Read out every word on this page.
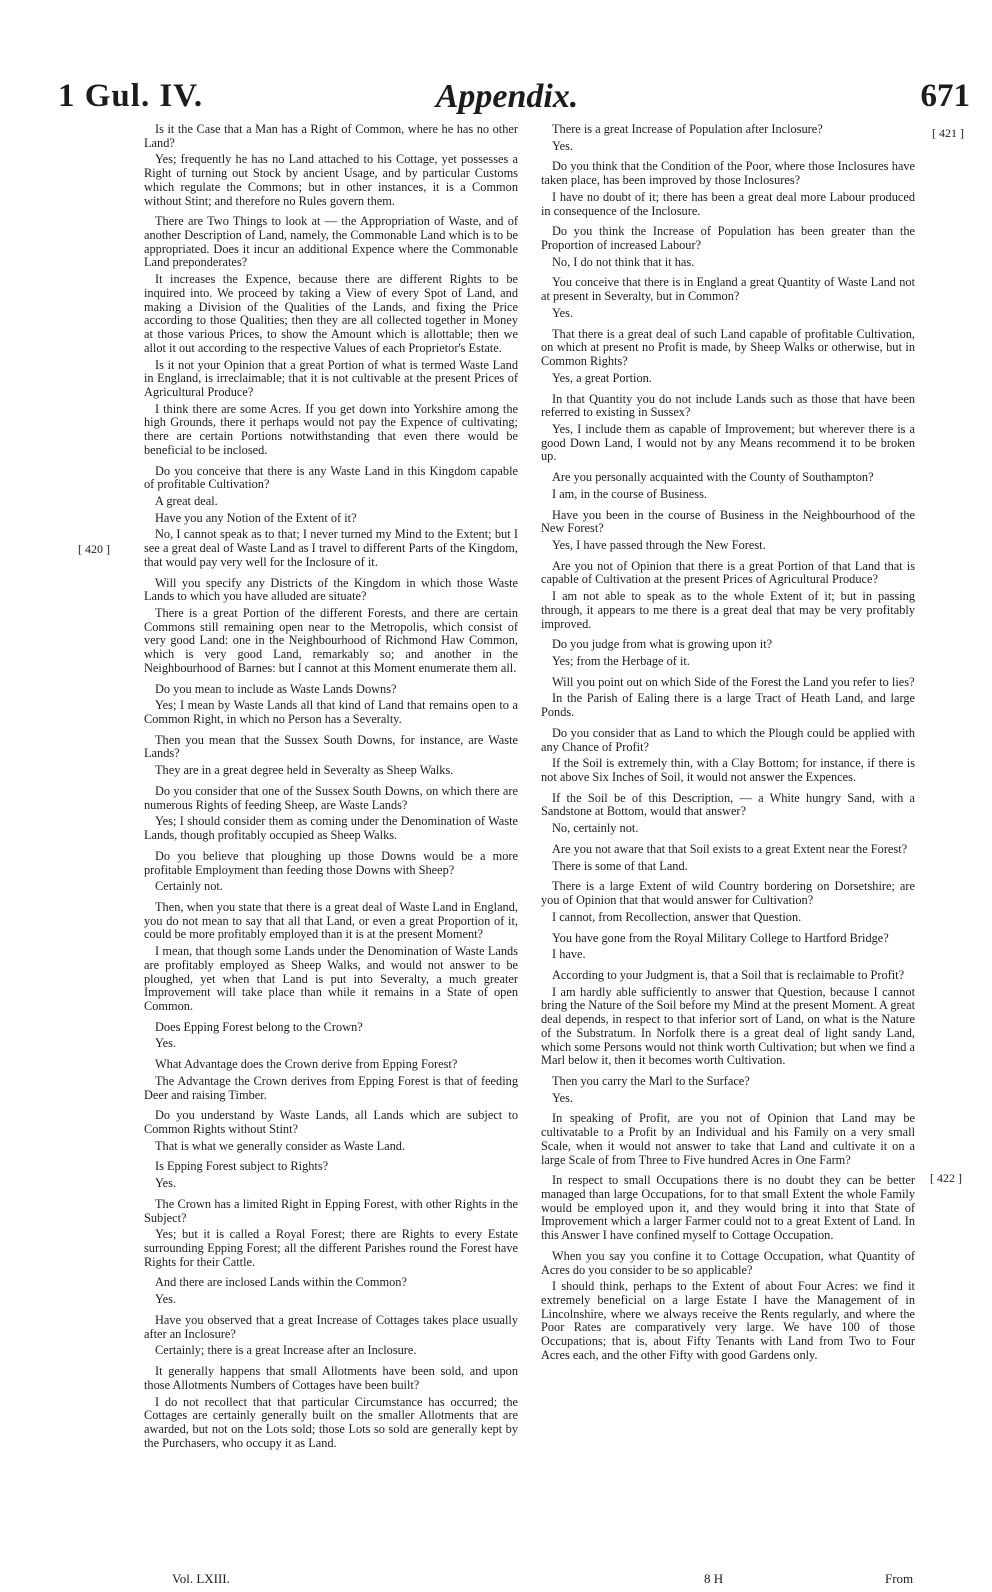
1 Gul. IV.	Appendix.	671
[ 421 ]
[ 420 ]
[ 422 ]

Is it the Case that a Man has a Right of Common, where he has no other Land?

Yes; frequently he has no Land attached to his Cottage, yet possesses a Right of turning out Stock by ancient Usage, and by particular Customs which regulate the Commons; but in other instances, it is a Common without Stint; and therefore no Rules govern them.

There are Two Things to look at — the Appropriation of Waste, and of another Description of Land, namely, the Commonable Land which is to be appropriated. Does it incur an additional Expence where the Commonable Land preponderates?

It increases the Expence, because there are different Rights to be inquired into. We proceed by taking a View of every Spot of Land, and making a Division of the Qualities of the Lands, and fixing the Price according to those Qualities; then they are all collected together in Money at those various Prices, to show the Amount which is allottable; then we allot it out according to the respective Values of each Proprietor's Estate.

Is it not your Opinion that a great Portion of what is termed Waste Land in England, is irreclaimable; that it is not cultivable at the present Prices of Agricultural Produce?

I think there are some Acres. If you get down into Yorkshire among the high Grounds, there it perhaps would not pay the Expence of cultivating; there are certain Portions notwithstanding that even there would be beneficial to be inclosed.

Do you conceive that there is any Waste Land in this Kingdom capable of profitable Cultivation?

A great deal.

Have you any Notion of the Extent of it?

No, I cannot speak as to that; I never turned my Mind to the Extent; but I see a great deal of Waste Land as I travel to different Parts of the Kingdom, that would pay very well for the Inclosure of it.

Will you specify any Districts of the Kingdom in which those Waste Lands to which you have alluded are situate?

There is a great Portion of the different Forests, and there are certain Commons still remaining open near to the Metropolis, which consist of very good Land: one in the Neighbourhood of Richmond Haw Common, which is very good Land, remarkably so; and another in the Neighbourhood of Barnes: but I cannot at this Moment enumerate them all.

Do you mean to include as Waste Lands Downs?

Yes; I mean by Waste Lands all that kind of Land that remains open to a Common Right, in which no Person has a Severalty.

Then you mean that the Sussex South Downs, for instance, are Waste Lands?

They are in a great degree held in Severalty as Sheep Walks.

Do you consider that one of the Sussex South Downs, on which there are numerous Rights of feeding Sheep, are Waste Lands?

Yes; I should consider them as coming under the Denomination of Waste Lands, though profitably occupied as Sheep Walks.

Do you believe that ploughing up those Downs would be a more profitable Employment than feeding those Downs with Sheep?

Certainly not.

Then, when you state that there is a great deal of Waste Land in England, you do not mean to say that all that Land, or even a great Proportion of it, could be more profitably employed than it is at the present Moment?

I mean, that though some Lands under the Denomination of Waste Lands are profitably employed as Sheep Walks, and would not answer to be ploughed, yet when that Land is put into Severalty, a much greater Improvement will take place than while it remains in a State of open Common.

Does Epping Forest belong to the Crown?

Yes.

What Advantage does the Crown derive from Epping Forest?

The Advantage the Crown derives from Epping Forest is that of feeding Deer and raising Timber.

Do you understand by Waste Lands, all Lands which are subject to Common Rights without Stint?

That is what we generally consider as Waste Land.

Is Epping Forest subject to Rights?

Yes.

The Crown has a limited Right in Epping Forest, with other Rights in the Subject?

Yes; but it is called a Royal Forest; there are Rights to every Estate surrounding Epping Forest; all the different Parishes round the Forest have Rights for their Cattle.

And there are inclosed Lands within the Common?

Yes.

Have you observed that a great Increase of Cottages takes place usually after an Inclosure?

Certainly; there is a great Increase after an Inclosure.

It generally happens that small Allotments have been sold, and upon those Allotments Numbers of Cottages have been built?

I do not recollect that that particular Circumstance has occurred; the Cottages are certainly generally built on the smaller Allotments that are awarded, but not on the Lots sold; those Lots so sold are generally kept by the Purchasers, who occupy it as Land.

There is a great Increase of Population after Inclosure?

Yes.

Do you think that the Condition of the Poor, where those Inclosures have taken place, has been improved by those Inclosures?

I have no doubt of it; there has been a great deal more Labour produced in consequence of the Inclosure.

Do you think the Increase of Population has been greater than the Proportion of increased Labour?

No, I do not think that it has.

You conceive that there is in England a great Quantity of Waste Land not at present in Severalty, but in Common?

Yes.

That there is a great deal of such Land capable of profitable Cultivation, on which at present no Profit is made, by Sheep Walks or otherwise, but in Common Rights?

Yes, a great Portion.

In that Quantity you do not include Lands such as those that have been referred to existing in Sussex?

Yes, I include them as capable of Improvement; but wherever there is a good Down Land, I would not by any Means recommend it to be broken up.

Are you personally acquainted with the County of Southampton?

I am, in the course of Business.

Have you been in the course of Business in the Neighbourhood of the New Forest?

Yes, I have passed through the New Forest.

Are you not of Opinion that there is a great Portion of that Land that is capable of Cultivation at the present Prices of Agricultural Produce?

I am not able to speak as to the whole Extent of it; but in passing through, it appears to me there is a great deal that may be very profitably improved.

Do you judge from what is growing upon it?

Yes; from the Herbage of it.

Will you point out on which Side of the Forest the Land you refer to lies?

In the Parish of Ealing there is a large Tract of Heath Land, and large Ponds.

Do you consider that as Land to which the Plough could be applied with any Chance of Profit?

If the Soil is extremely thin, with a Clay Bottom; for instance, if there is not above Six Inches of Soil, it would not answer the Expences.

If the Soil be of this Description, — a White hungry Sand, with a Sandstone at Bottom, would that answer?

No, certainly not.

Are you not aware that that Soil exists to a great Extent near the Forest?

There is some of that Land.

There is a large Extent of wild Country bordering on Dorsetshire; are you of Opinion that that would answer for Cultivation?

I cannot, from Recollection, answer that Question.

You have gone from the Royal Military College to Hartford Bridge?

I have.

According to your Judgment is, that a Soil that is reclaimable to Profit?

I am hardly able sufficiently to answer that Question, because I cannot bring the Nature of the Soil before my Mind at the present Moment. A great deal depends, in respect to that inferior sort of Land, on what is the Nature of the Substratum. In Norfolk there is a great deal of light sandy Land, which some Persons would not think worth Cultivation; but when we find a Marl below it, then it becomes worth Cultivation.

Then you carry the Marl to the Surface?

Yes.

In speaking of Profit, are you not of Opinion that Land may be cultivatable to a Profit by an Individual and his Family on a very small Scale, when it would not answer to take that Land and cultivate it on a large Scale of from Three to Five hundred Acres in One Farm?

In respect to small Occupations there is no doubt they can be better managed than large Occupations, for to that small Extent the whole Family would be employed upon it, and they would bring it into that State of Improvement which a larger Farmer could not to a great Extent of Land. In this Answer I have confined myself to Cottage Occupation.

When you say you confine it to Cottage Occupation, what Quantity of Acres do you consider to be so applicable?

I should think, perhaps to the Extent of about Four Acres: we find it extremely beneficial on a large Estate I have the Management of in Lincolnshire, where we always receive the Rents regularly, and where the Poor Rates are comparatively very large. We have 100 of those Occupations; that is, about Fifty Tenants with Land from Two to Four Acres each, and the other Fifty with good Gardens only.

Vol. LXIII.	8 H	From
